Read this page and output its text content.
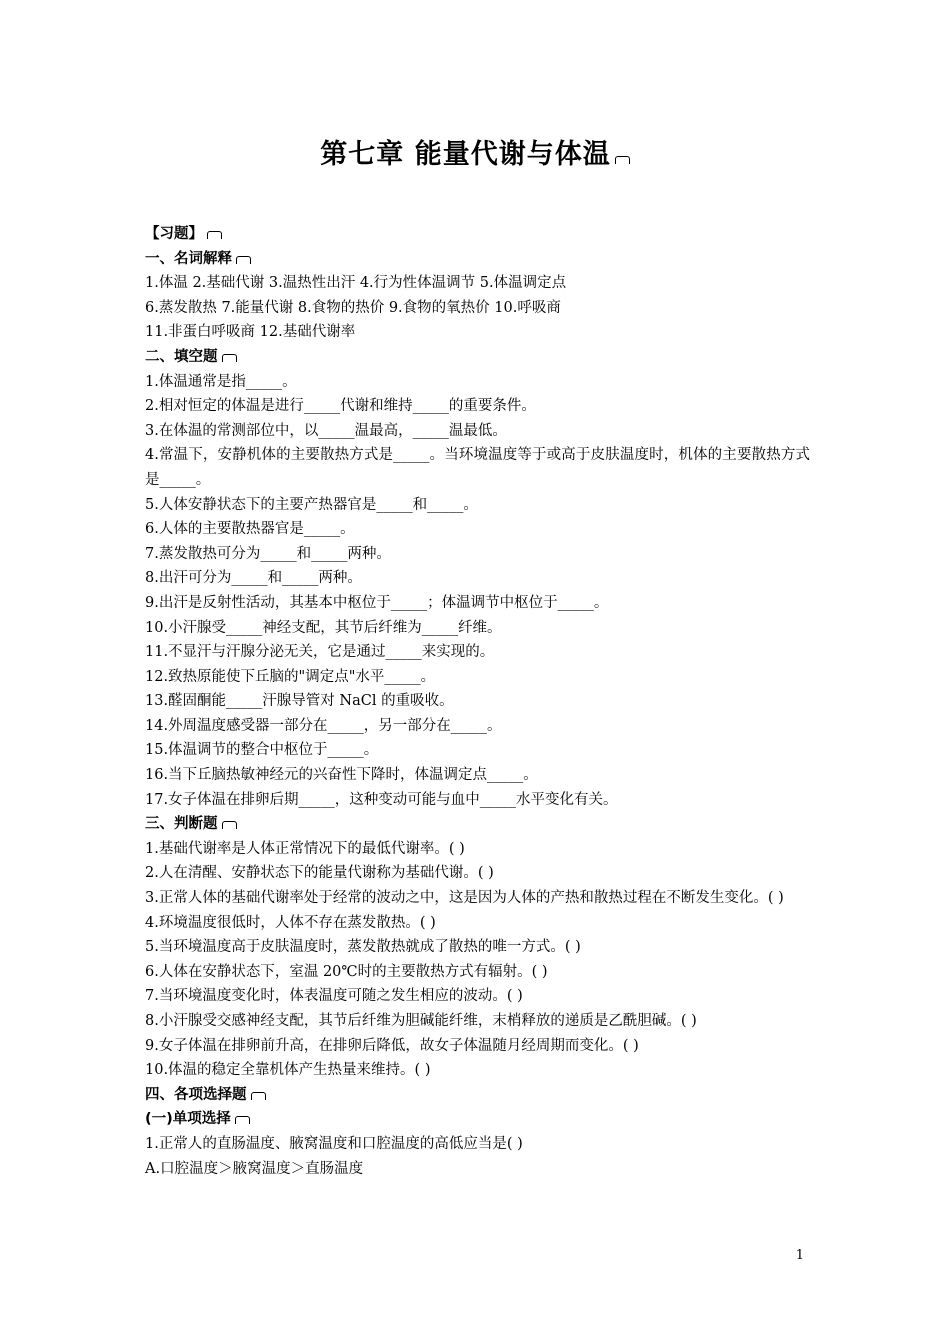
第七章 能量代谢与体温
【习题】
一、名词解释
1.体温 2.基础代谢 3.温热性出汗 4.行为性体温调节 5.体温调定点
6.蒸发散热 7.能量代谢 8.食物的热价 9.食物的氧热价 10.呼吸商
11.非蛋白呼吸商 12.基础代谢率
二、填空题
1.体温通常是指_____。
2.相对恒定的体温是进行_____代谢和维持_____的重要条件。
3.在体温的常测部位中，以_____温最高，_____温最低。
4.常温下，安静机体的主要散热方式是_____。当环境温度等于或高于皮肤温度时，机体的主要散热方式是_____。
5.人体安静状态下的主要产热器官是_____和_____。
6.人体的主要散热器官是_____。
7.蒸发散热可分为_____和_____两种。
8.出汗可分为_____和_____两种。
9.出汗是反射性活动，其基本中枢位于_____；体温调节中枢位于_____。
10.小汗腺受_____神经支配，其节后纤维为_____纤维。
11.不显汗与汗腺分泌无关，它是通过_____来实现的。
12.致热原能使下丘脑的"调定点"水平_____。
13.醛固酮能_____汗腺导管对 NaCl 的重吸收。
14.外周温度感受器一部分在_____，另一部分在_____。
15.体温调节的整合中枢位于_____。
16.当下丘脑热敏神经元的兴奋性下降时，体温调定点_____。
17.女子体温在排卵后期_____，这种变动可能与血中_____水平变化有关。
三、判断题
1.基础代谢率是人体正常情况下的最低代谢率。( )
2.人在清醒、安静状态下的能量代谢称为基础代谢。( )
3.正常人体的基础代谢率处于经常的波动之中，这是因为人体的产热和散热过程在不断发生变化。( )
4.环境温度很低时，人体不存在蒸发散热。( )
5.当环境温度高于皮肤温度时，蒸发散热就成了散热的唯一方式。( )
6.人体在安静状态下，室温 20℃时的主要散热方式有辐射。( )
7.当环境温度变化时，体表温度可随之发生相应的波动。( )
8.小汗腺受交感神经支配，其节后纤维为胆碱能纤维，末梢释放的递质是乙酰胆碱。( )
9.女子体温在排卵前升高，在排卵后降低，故女子体温随月经周期而变化。( )
10.体温的稳定全靠机体产生热量来维持。( )
四、各项选择题
(一)单项选择
1.正常人的直肠温度、腋窝温度和口腔温度的高低应当是( )
A.口腔温度＞腋窝温度＞直肠温度
1
